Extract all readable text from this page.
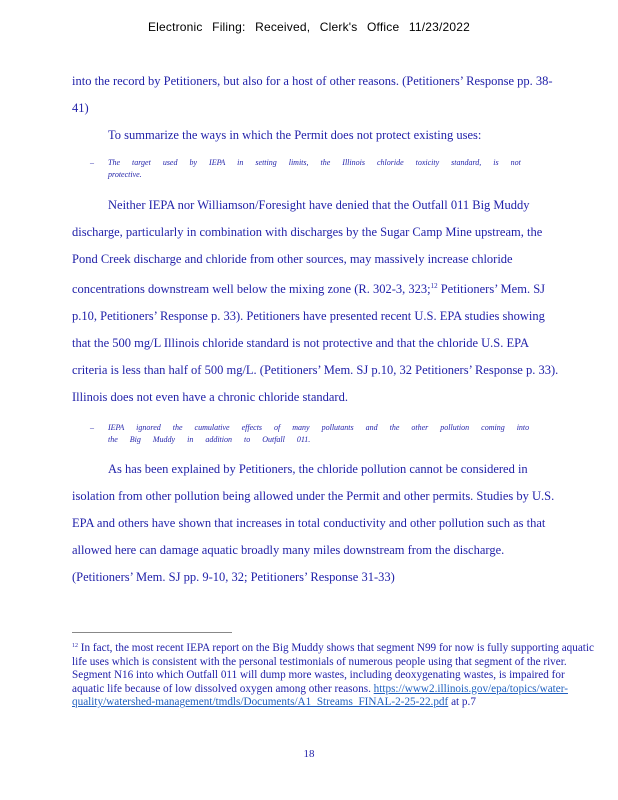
Electronic Filing: Received, Clerk's Office 11/23/2022

into the record by Petitioners, but also for a host of other reasons. (Petitioners’ Response pp. 38-41)

To summarize the ways in which the Permit does not protect existing uses:

–	The target used by IEPA in setting limits, the Illinois chloride toxicity standard, is not protective.

Neither IEPA nor Williamson/Foresight have denied that the Outfall 011 Big Muddy discharge, particularly in combination with discharges by the Sugar Camp Mine upstream, the Pond Creek discharge and chloride from other sources, may massively increase chloride concentrations downstream well below the mixing zone (R. 302-3, 323;$^{12}$ Petitioners’ Mem. SJ p.10, Petitioners’ Response p. 33). Petitioners have presented recent U.S. EPA studies showing that the 500 mg/L Illinois chloride standard is not protective and that the chloride U.S. EPA criteria is less than half of 500 mg/L. (Petitioners’ Mem. SJ p.10, 32 Petitioners’ Response p. 33). Illinois does not even have a chronic chloride standard.

–	IEPA ignored the cumulative effects of many pollutants and the other pollution coming into the Big Muddy in addition to Outfall 011.

As has been explained by Petitioners, the chloride pollution cannot be considered in isolation from other pollution being allowed under the Permit and other permits. Studies by U.S. EPA and others have shown that increases in total conductivity and other pollution such as that allowed here can damage aquatic broadly many miles downstream from the discharge. (Petitioners’ Mem. SJ pp. 9-10, 32; Petitioners’ Response 31-33)

$^{12}$ In fact, the most recent IEPA report on the Big Muddy shows that segment N99 for now is fully supporting aquatic life uses which is consistent with the personal testimonials of numerous people using that segment of the river. Segment N16 into which Outfall 011 will dump more wastes, including deoxygenating wastes, is impaired for aquatic life because of low dissolved oxygen among other reasons. https://www2.illinois.gov/epa/topics/water-quality/watershed-management/tmdls/Documents/A1_Streams_FINAL-2-25-22.pdf at p.7

18
